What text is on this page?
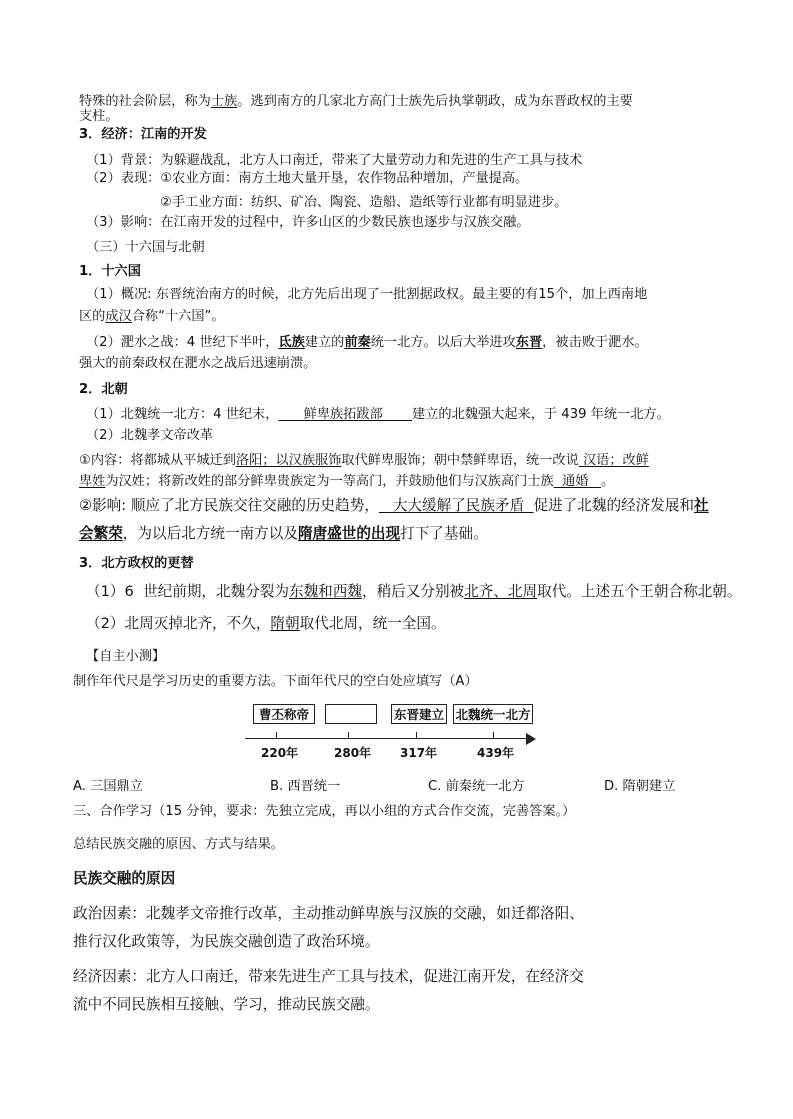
特殊的社会阶层，称为士族。逃到南方的几家北方高门士族先后执掌朝政，成为东晋政权的主要
支柱。
3．经济：江南的开发
（1）背景：为躲避战乱，北方人口南迁，带来了大量劳动力和先进的生产工具与技术
（2）表现：①农业方面：南方土地大量开垦，农作物品种增加，产量提高。
②手工业方面：纺织、矿冶、陶瓷、造船、造纸等行业都有明显进步。
（3）影响：在江南开发的过程中，许多山区的少数民族也逐步与汉族交融。
（三）十六国与北朝
1．十六国
（1）概况: 东晋统治南方的时候，北方先后出现了一批割据政权。最主要的有15个，加上西南地
区的成汉合称“十六国”。
（2）淝水之战：4 世纪下半叶，氐族建立的前秦统一北方。以后大举进攻东晋，被击败于淝水。
强大的前秦政权在淝水之战后迅速崩溃。
2．北朝
（1）北魏统一北方：4 世纪末，      鲜卑族拓跋部       建立的北魏强大起来，于 439 年统一北方。
（2）北魏孝文帝改革
①内容：将都城从平城迁到洛阳；以汉族服饰取代鲜卑服饰；朝中禁鲜卑语，统一改说 汉语；改鲜
卑姓为汉姓；将新改姓的部分鲜卑贵族定为一等高门，并鼓励他们与汉族高门士族  通婚   。
②影响: 顺应了北方民族交往交融的历史趋势，   大大缓解了民族矛盾  促进了北魏的经济发展和社
会繁荣，为以后北方统一南方以及隋唐盛世的出现打下了基础。
3．北方政权的更替
（1）6  世纪前期，北魏分裂为东魏和西魏，稍后又分别被北齐、北周取代。上述五个王朝合称北朝。
（2）北周灭掉北齐，不久，隋朝取代北周，统一全国。
【自主小测】
制作年代尺是学习历史的重要方法。下面年代尺的空白处应填写（A）
曹丕称帝	东晋建立 北魏统一北方
220年	280年 317年	439年
A. 三国鼎立	B. 西晋统一	C. 前秦统一北方	D. 隋朝建立
三、合作学习（15 分钟，要求：先独立完成，再以小组的方式合作交流，完善答案。）
总结民族交融的原因、方式与结果。
民族交融的原因
政治因素：北魏孝文帝推行改革，主动推动鲜卑族与汉族的交融，如迁都洛阳、
推行汉化政策等，为民族交融创造了政治环境。
经济因素：北方人口南迁，带来先进生产工具与技术，促进江南开发，在经济交
流中不同民族相互接触、学习，推动民族交融。
